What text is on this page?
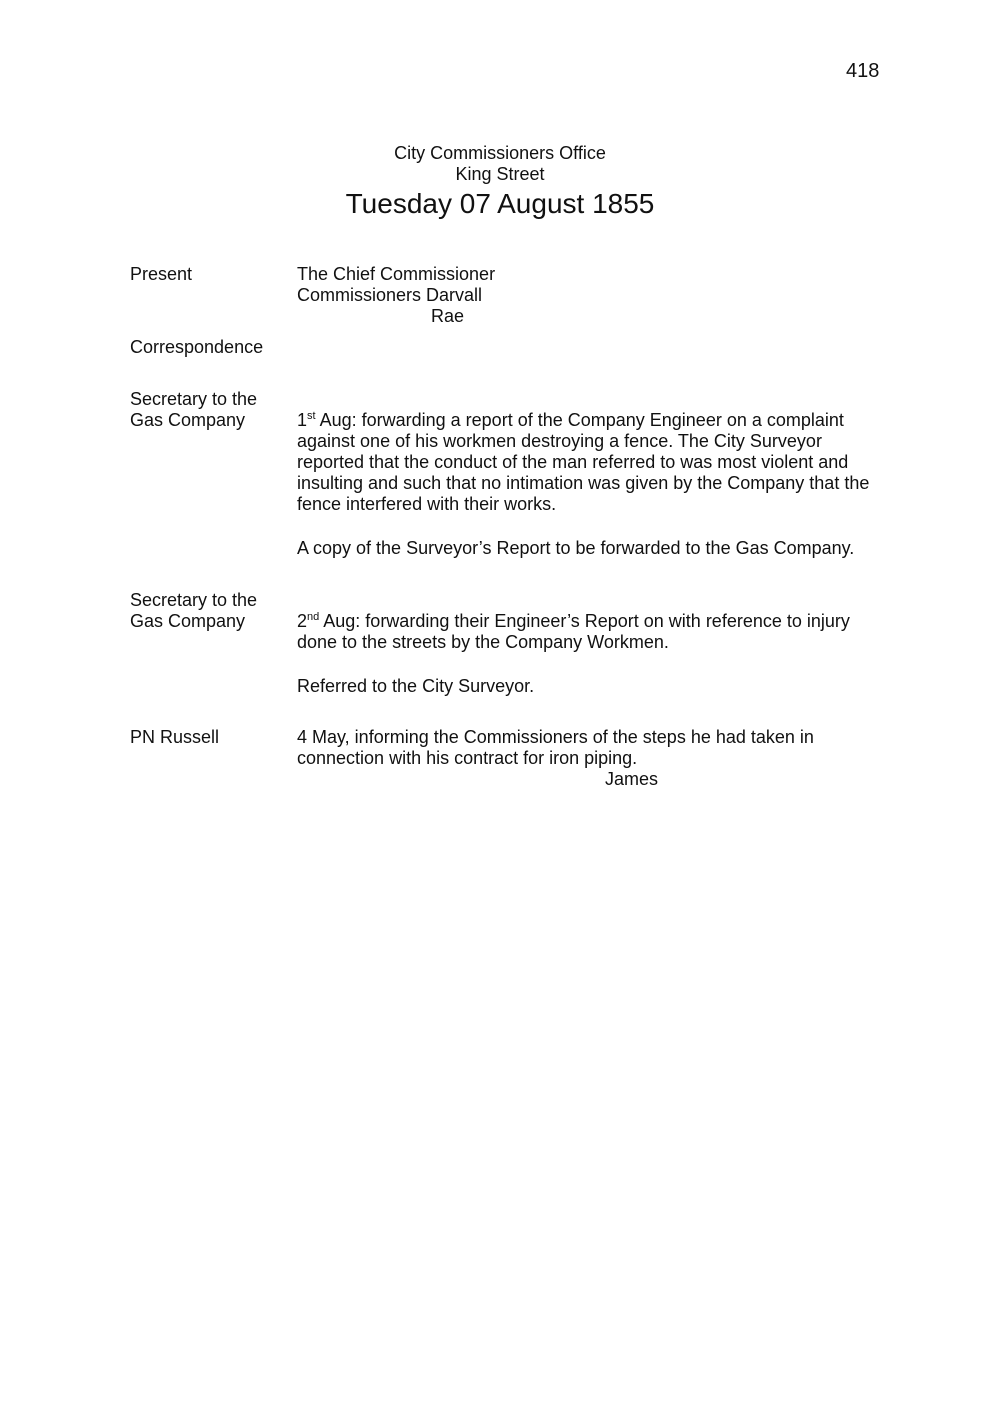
418
City Commissioners Office
King Street
Tuesday 07 August 1855
Present	The Chief Commissioner
Commissioners Darvall
Rae
Correspondence
Secretary to the
Gas Company	1st Aug: forwarding a report of the Company Engineer on a complaint
against one of his workmen destroying a fence. The City Surveyor
reported that the conduct of the man referred to was most violent and
insulting and such that no intimation was given by the Company that the
fence interfered with their works.
A copy of the Surveyor’s Report to be forwarded to the Gas Company.
Secretary to the
Gas Company	2nd Aug: forwarding their Engineer’s Report on with reference to injury
done to the streets by the Company Workmen.
Referred to the City Surveyor.
PN Russell	4 May, informing the Commissioners of the steps he had taken in
connection with his contract for iron piping.
James
